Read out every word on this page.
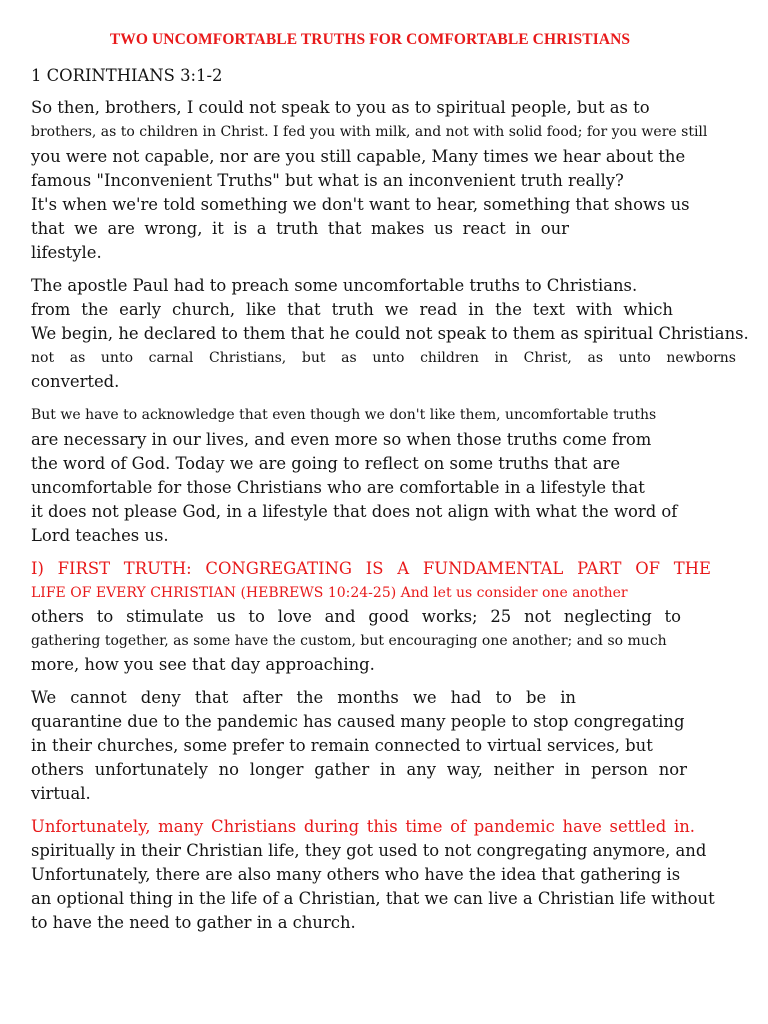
TWO UNCOMFORTABLE TRUTHS FOR COMFORTABLE CHRISTIANS
1 CORINTHIANS 3:1-2
So then, brothers, I could not speak to you as to spiritual people, but as to
brothers, as to children in Christ. I fed you with milk, and not with solid food; for you were still
you were not capable, nor are you still capable, Many times we hear about the
famous "Inconvenient Truths" but what is an inconvenient truth really?
It's when we're told something we don't want to hear, something that shows us
that we are wrong, it is a truth that makes us react in our
lifestyle.
The apostle Paul had to preach some uncomfortable truths to Christians.
from the early church, like that truth we read in the text with which
We begin, he declared to them that he could not speak to them as spiritual Christians.
not as unto carnal Christians, but as unto children in Christ, as unto newborns
converted.
But we have to acknowledge that even though we don't like them, uncomfortable truths
are necessary in our lives, and even more so when those truths come from
the word of God. Today we are going to reflect on some truths that are
uncomfortable for those Christians who are comfortable in a lifestyle that
it does not please God, in a lifestyle that does not align with what the word of
Lord teaches us.
I) FIRST TRUTH: CONGREGATING IS A FUNDAMENTAL PART OF THE
LIFE OF EVERY CHRISTIAN (HEBREWS 10:24-25) And let us consider one another
others to stimulate us to love and good works; 25 not neglecting to
gathering together, as some have the custom, but encouraging one another; and so much
more, how you see that day approaching.
We cannot deny that after the months we had to be in
quarantine due to the pandemic has caused many people to stop congregating
in their churches, some prefer to remain connected to virtual services, but
others unfortunately no longer gather in any way, neither in person nor
virtual.
Unfortunately, many Christians during this time of pandemic have settled in.
spiritually in their Christian life, they got used to not congregating anymore, and
Unfortunately, there are also many others who have the idea that gathering is
an optional thing in the life of a Christian, that we can live a Christian life without
to have the need to gather in a church.
